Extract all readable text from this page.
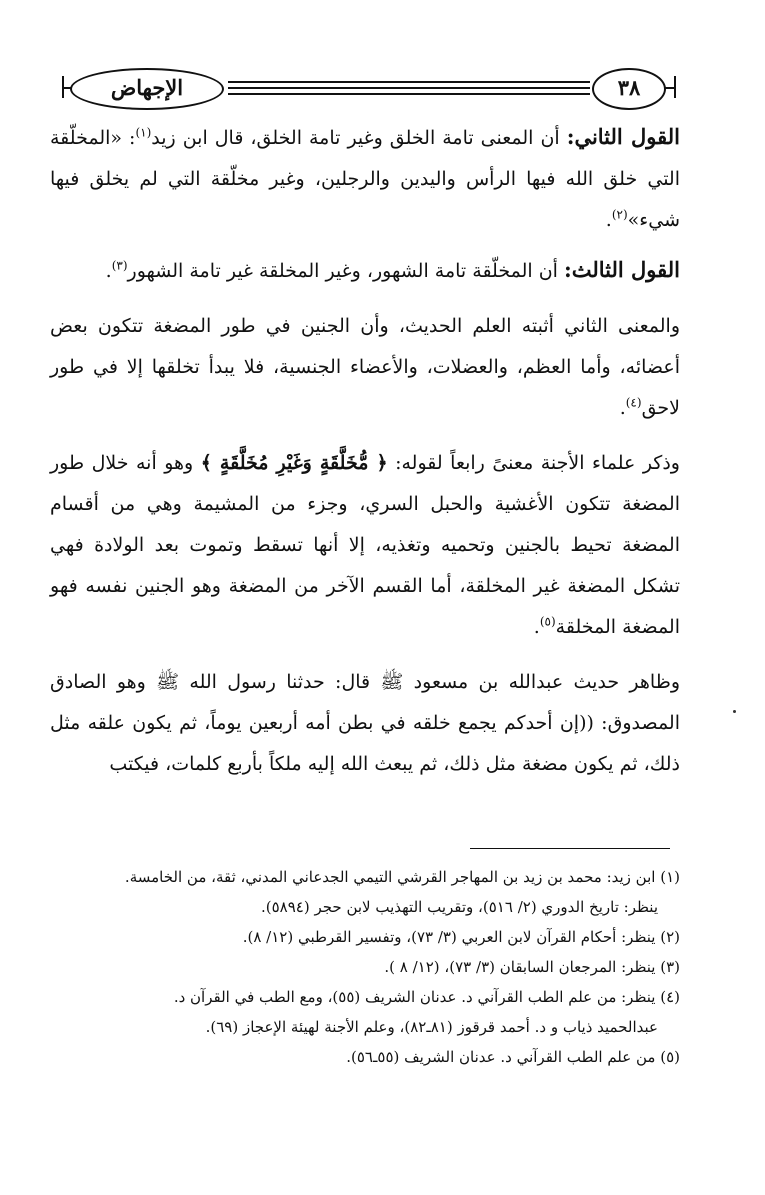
الإجهاض	٣٨

القول الثاني: أن المعنى تامة الخلق وغير تامة الخلق، قال ابن زيد$^{(١)}$: «المخلّقة التي خلق الله فيها الرأس واليدين والرجلين، وغير مخلّقة التي لم يخلق فيها شيء»$^{(٢)}$.

القول الثالث: أن المخلّقة تامة الشهور، وغير المخلقة غير تامة الشهور$^{(٣)}$.

والمعنى الثاني أثبته العلم الحديث، وأن الجنين في طور المضغة تتكون بعض أعضائه، وأما العظم، والعضلات، والأعضاء الجنسية، فلا يبدأ تخلقها إلا في طور لاحق$^{(٤)}$.

وذكر علماء الأجنة معنىً رابعاً لقوله: ﴿ مُّخَلَّقَةٍ وَغَيْرِ مُخَلَّقَةٍ ﴾ وهو أنه خلال طور المضغة تتكون الأغشية والحبل السري، وجزء من المشيمة وهي من أقسام المضغة تحيط بالجنين وتحميه وتغذيه، إلا أنها تسقط وتموت بعد الولادة فهي تشكل المضغة غير المخلقة، أما القسم الآخر من المضغة وهو الجنين نفسه فهو المضغة المخلقة$^{(٥)}$.

وظاهر حديث عبدالله بن مسعود ﷺ قال: حدثنا رسول الله ﷺ وهو الصادق المصدوق: ((إن أحدكم يجمع خلقه في بطن أمه أربعين يوماً، ثم يكون علقه مثل ذلك، ثم يكون مضغة مثل ذلك، ثم يبعث الله إليه ملكاً بأربع كلمات، فيكتب

(١) ابن زيد: محمد بن زيد بن المهاجر القرشي التيمي الجدعاني المدني، ثقة، من الخامسة.

ينظر: تاريخ الدوري (٢/ ٥١٦)، وتقريب التهذيب لابن حجر (٥٨٩٤).

(٢) ينظر: أحكام القرآن لابن العربي (٣/ ٧٣)، وتفسير القرطبي (١٢/ ٨).

(٣) ينظر: المرجعان السابقان (٣/ ٧٣)، (١٢/ ٨ ).

(٤) ينظر: من علم الطب القرآني د. عدنان الشريف (٥٥)، ومع الطب في القرآن د.

عبدالحميد ذياب و د. أحمد قرقوز (٨١ـ٨٢)، وعلم الأجنة لهيئة الإعجاز (٦٩).

(٥) من علم الطب القرآني د. عدنان الشريف (٥٥ـ٥٦).
